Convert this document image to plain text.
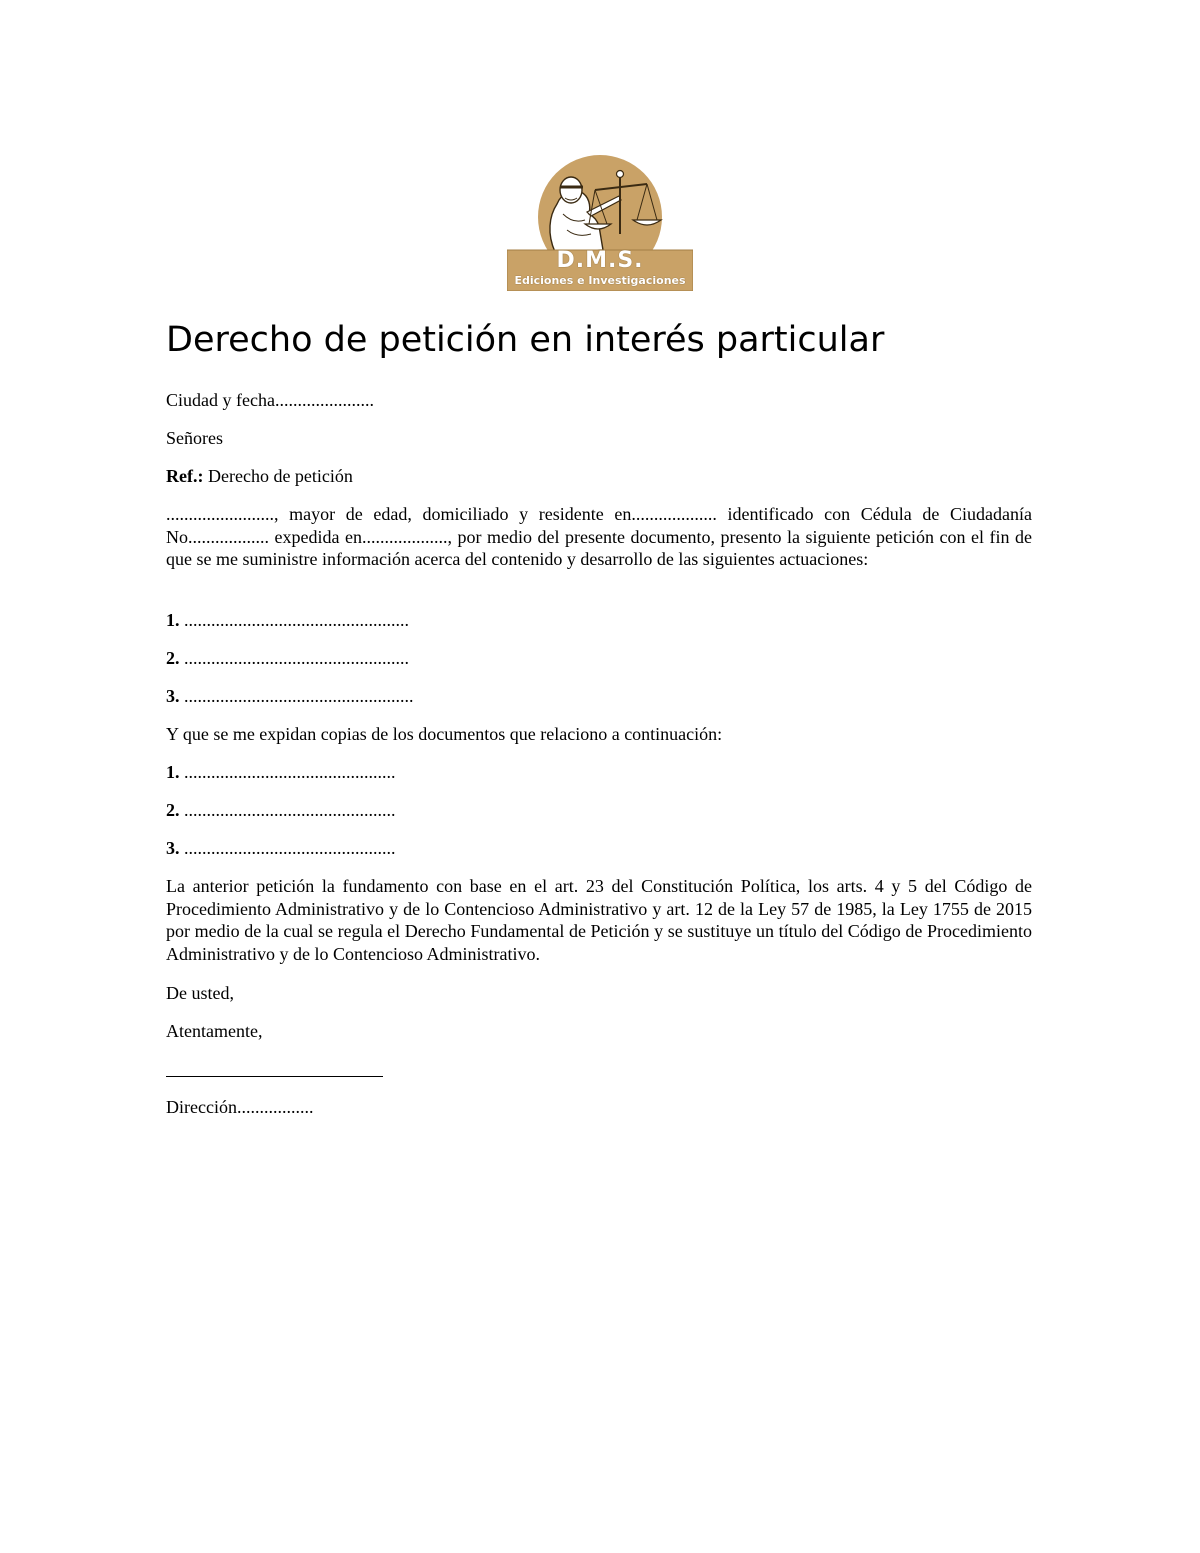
D.M.S.
Ediciones e Investigaciones
Derecho de petición en interés particular

Ciudad y fecha......................

Señores

Ref.: Derecho de petición

........................, mayor de edad, domiciliado y residente en................... identificado con Cédula de Ciudadanía No.................. expedida en..................., por medio del presente documento, presento la siguiente petición con el fin de que se me suministre información acerca del contenido y desarrollo de las siguientes actuaciones:

1. ..................................................

2. ..................................................

3. ...................................................

Y que se me expidan copias de los documentos que relaciono a continuación:

1. ...............................................

2. ...............................................

3. ...............................................

La anterior petición la fundamento con base en el art. 23 del Constitución Política, los arts. 4 y 5 del Código de Procedimiento Administrativo y de lo Contencioso Administrativo y art. 12 de la Ley 57 de 1985, la Ley 1755 de 2015 por medio de la cual se regula el Derecho Fundamental de Petición y se sustituye un título del Código de Procedimiento Administrativo y de lo Contencioso Administrativo.

De usted,

Atentamente,

Dirección.................
